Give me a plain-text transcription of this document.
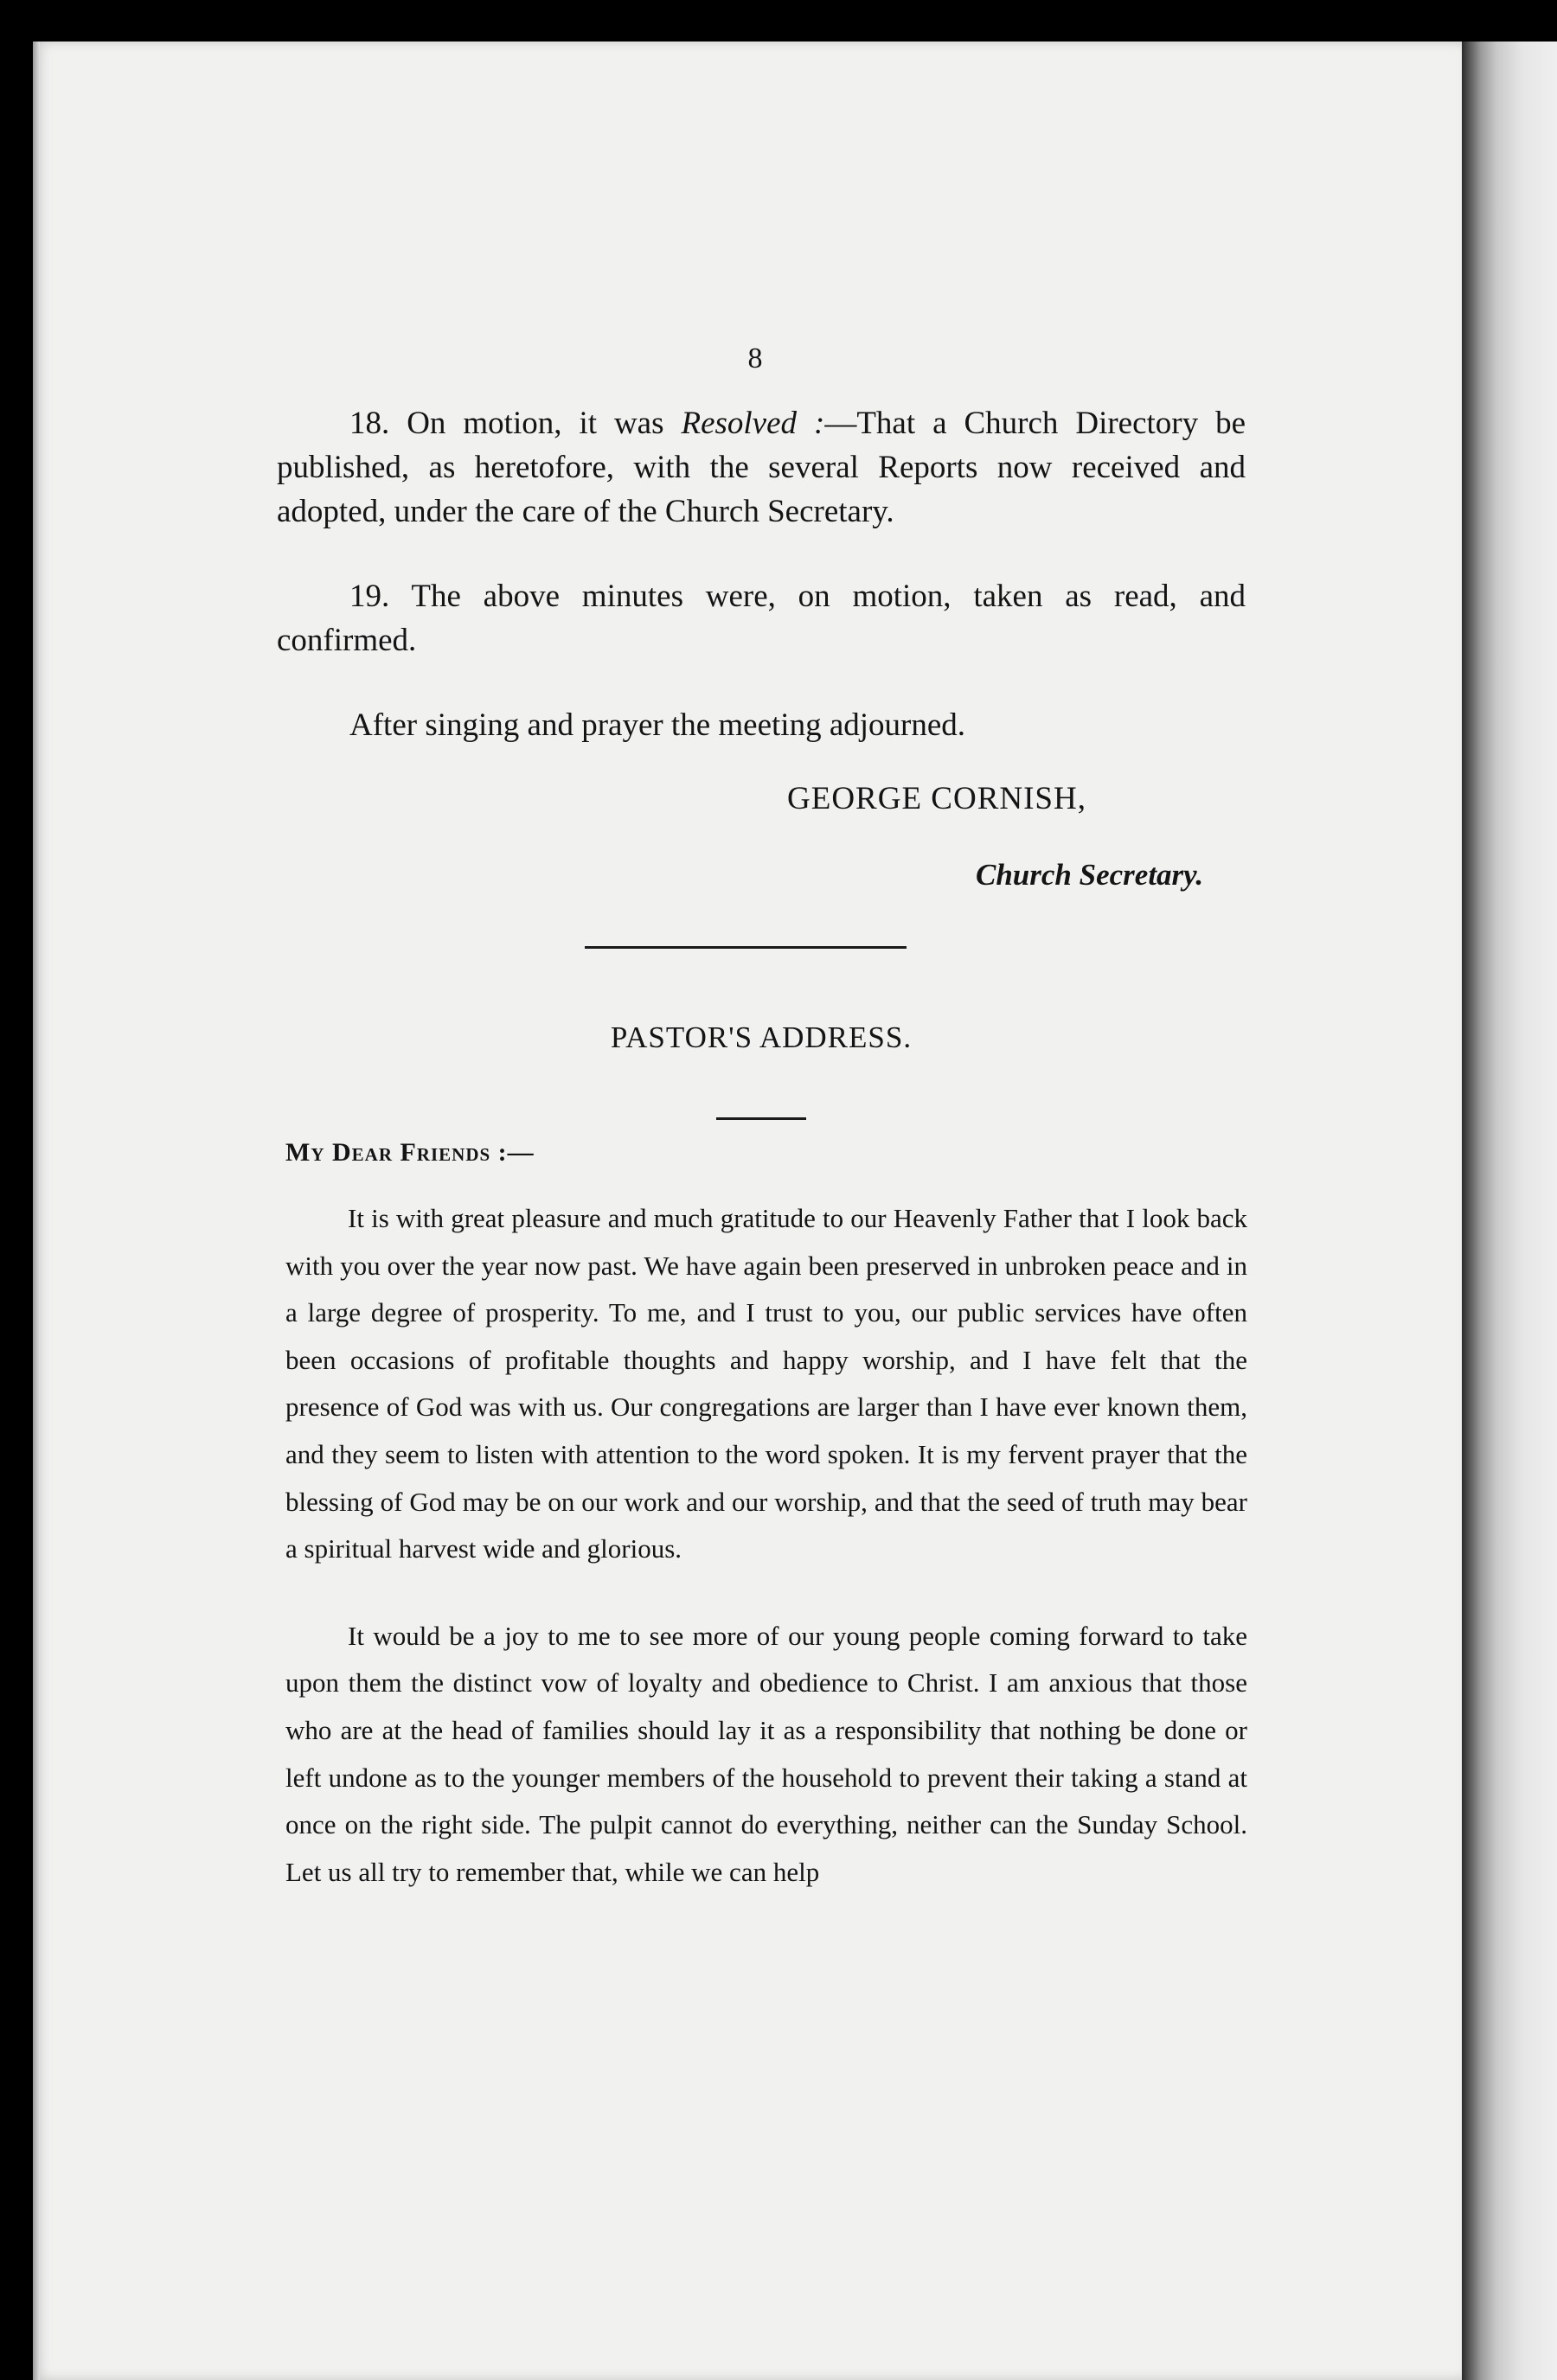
8

18. On motion, it was Resolved :—That a Church Directory be published, as heretofore, with the several Reports now received and adopted, under the care of the Church Secretary.

19. The above minutes were, on motion, taken as read, and confirmed.

After singing and prayer the meeting adjourned.

GEORGE CORNISH,
Church Secretary.
PASTOR'S ADDRESS.
My Dear Friends :—

It is with great pleasure and much gratitude to our Heavenly Father that I look back with you over the year now past. We have again been preserved in unbroken peace and in a large degree of prosperity. To me, and I trust to you, our public services have often been occasions of profitable thoughts and happy worship, and I have felt that the presence of God was with us. Our congregations are larger than I have ever known them, and they seem to listen with attention to the word spoken. It is my fervent prayer that the blessing of God may be on our work and our worship, and that the seed of truth may bear a spiritual harvest wide and glorious.

It would be a joy to me to see more of our young people coming forward to take upon them the distinct vow of loyalty and obedience to Christ. I am anxious that those who are at the head of families should lay it as a responsibility that nothing be done or left undone as to the younger members of the household to prevent their taking a stand at once on the right side. The pulpit cannot do everything, neither can the Sunday School. Let us all try to remember that, while we can help
